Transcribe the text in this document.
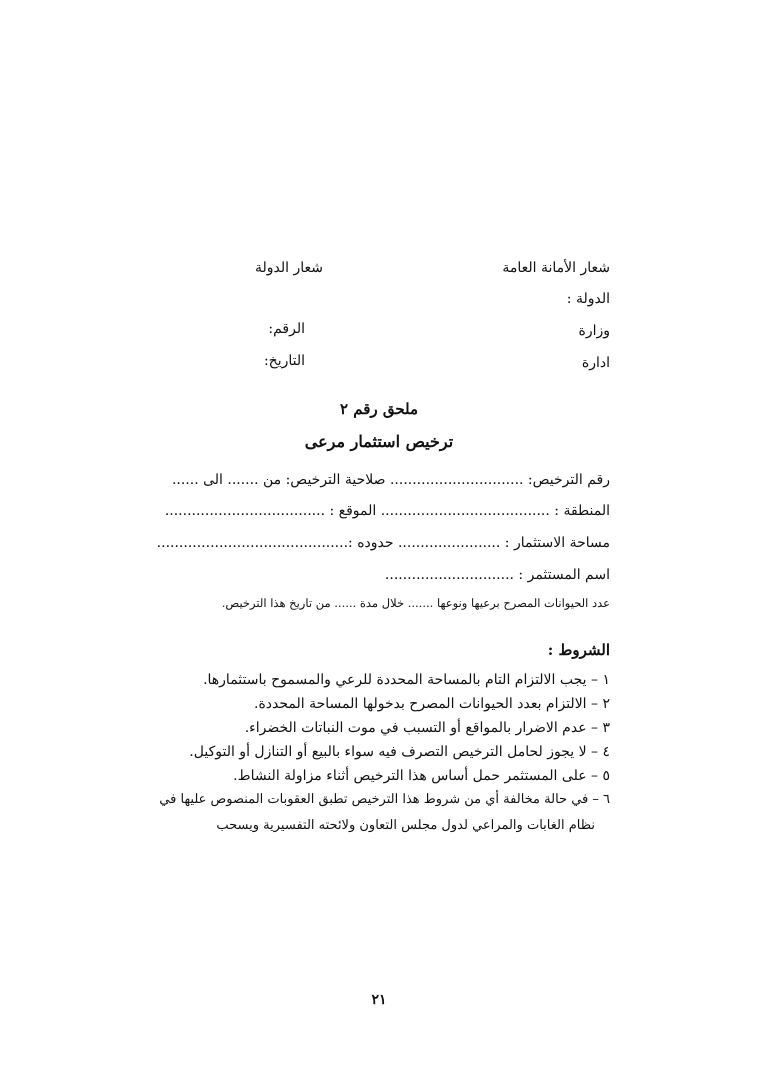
شعار الأمانة العامة
شعار الدولة
الدولة :
وزارة
الرقم:
ادارة
التاريخ:
ملحق رقم ٢
ترخيص استثمار مرعى
رقم الترخيص: .............................. صلاحية الترخيص: من ....... الى ......
المنطقة : ...................................... الموقع : ....................................
مساحة الاستثمار : ....................... حدوده :...........................................
اسم المستثمر : .............................
عدد الحيوانات المصرح برعيها ونوعها ....... خلال مدة ...... من تاريخ هذا الترخيص.
الشروط :
١ – يجب الالتزام التام بالمساحة المحددة للرعي والمسموح باستثمارها.
٢ – الالتزام بعدد الحيوانات المصرح بدخولها المساحة المحددة.
٣ – عدم الاضرار بالمواقع أو التسبب في موت النباتات الخضراء.
٤ – لا يجوز لحامل الترخيص التصرف فيه سواء بالبيع أو التنازل أو التوكيل.
٥ – على المستثمر حمل أساس هذا الترخيص أثناء مزاولة النشاط.
٦ – في حالة مخالفة أي من شروط هذا الترخيص تطبق العقوبات المنصوص عليها في
نظام الغابات والمراعي لدول مجلس التعاون ولائحته التفسيرية ويسحب
٢١
